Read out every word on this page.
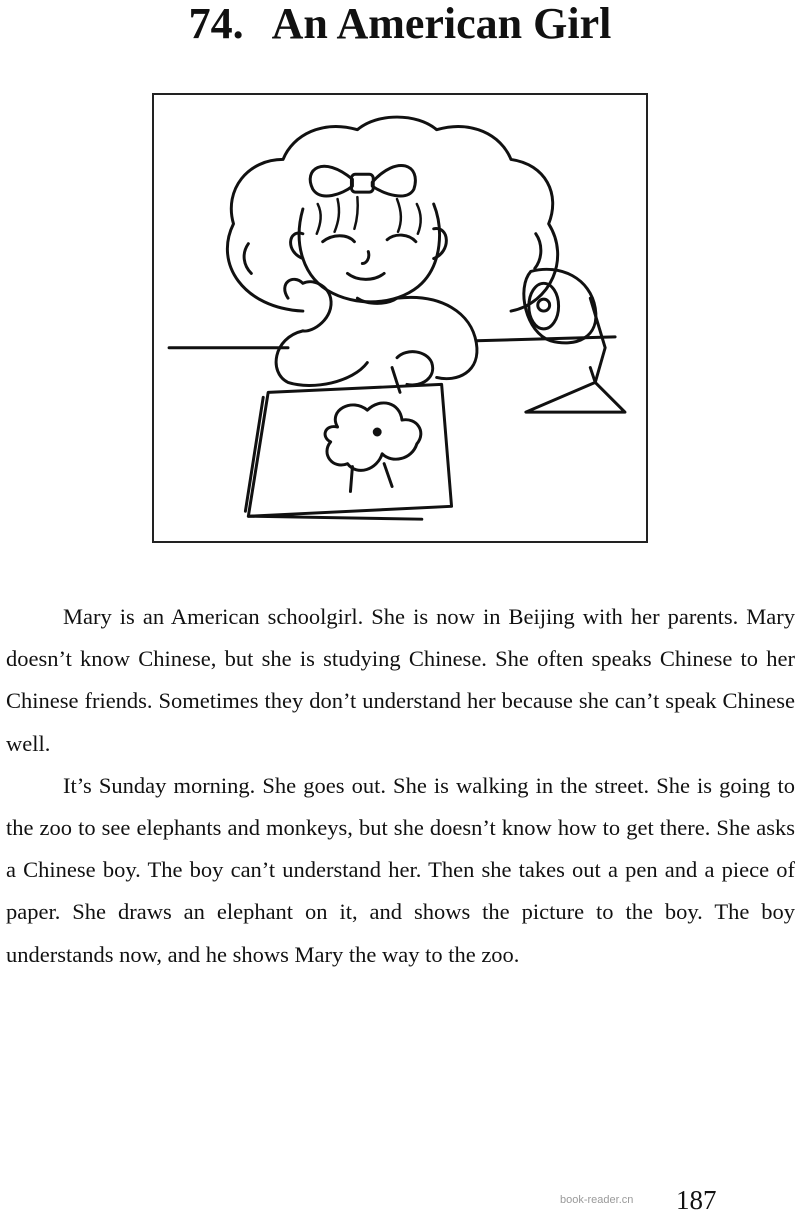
74. An American Girl

Mary is an American schoolgirl. She is now in Beijing with her parents. Mary doesn’t know Chinese, but she is studying Chinese. She often speaks Chinese to her Chinese friends. Sometimes they don’t understand her because she can’t speak Chinese well.

It’s Sunday morning. She goes out. She is walking in the street. She is going to the zoo to see elephants and monkeys, but she doesn’t know how to get there. She asks a Chinese boy. The boy can’t understand her. Then she takes out a pen and a piece of paper. She draws an elephant on it, and shows the picture to the boy. The boy understands now, and he shows Mary the way to the zoo.

book-reader.cn 187
